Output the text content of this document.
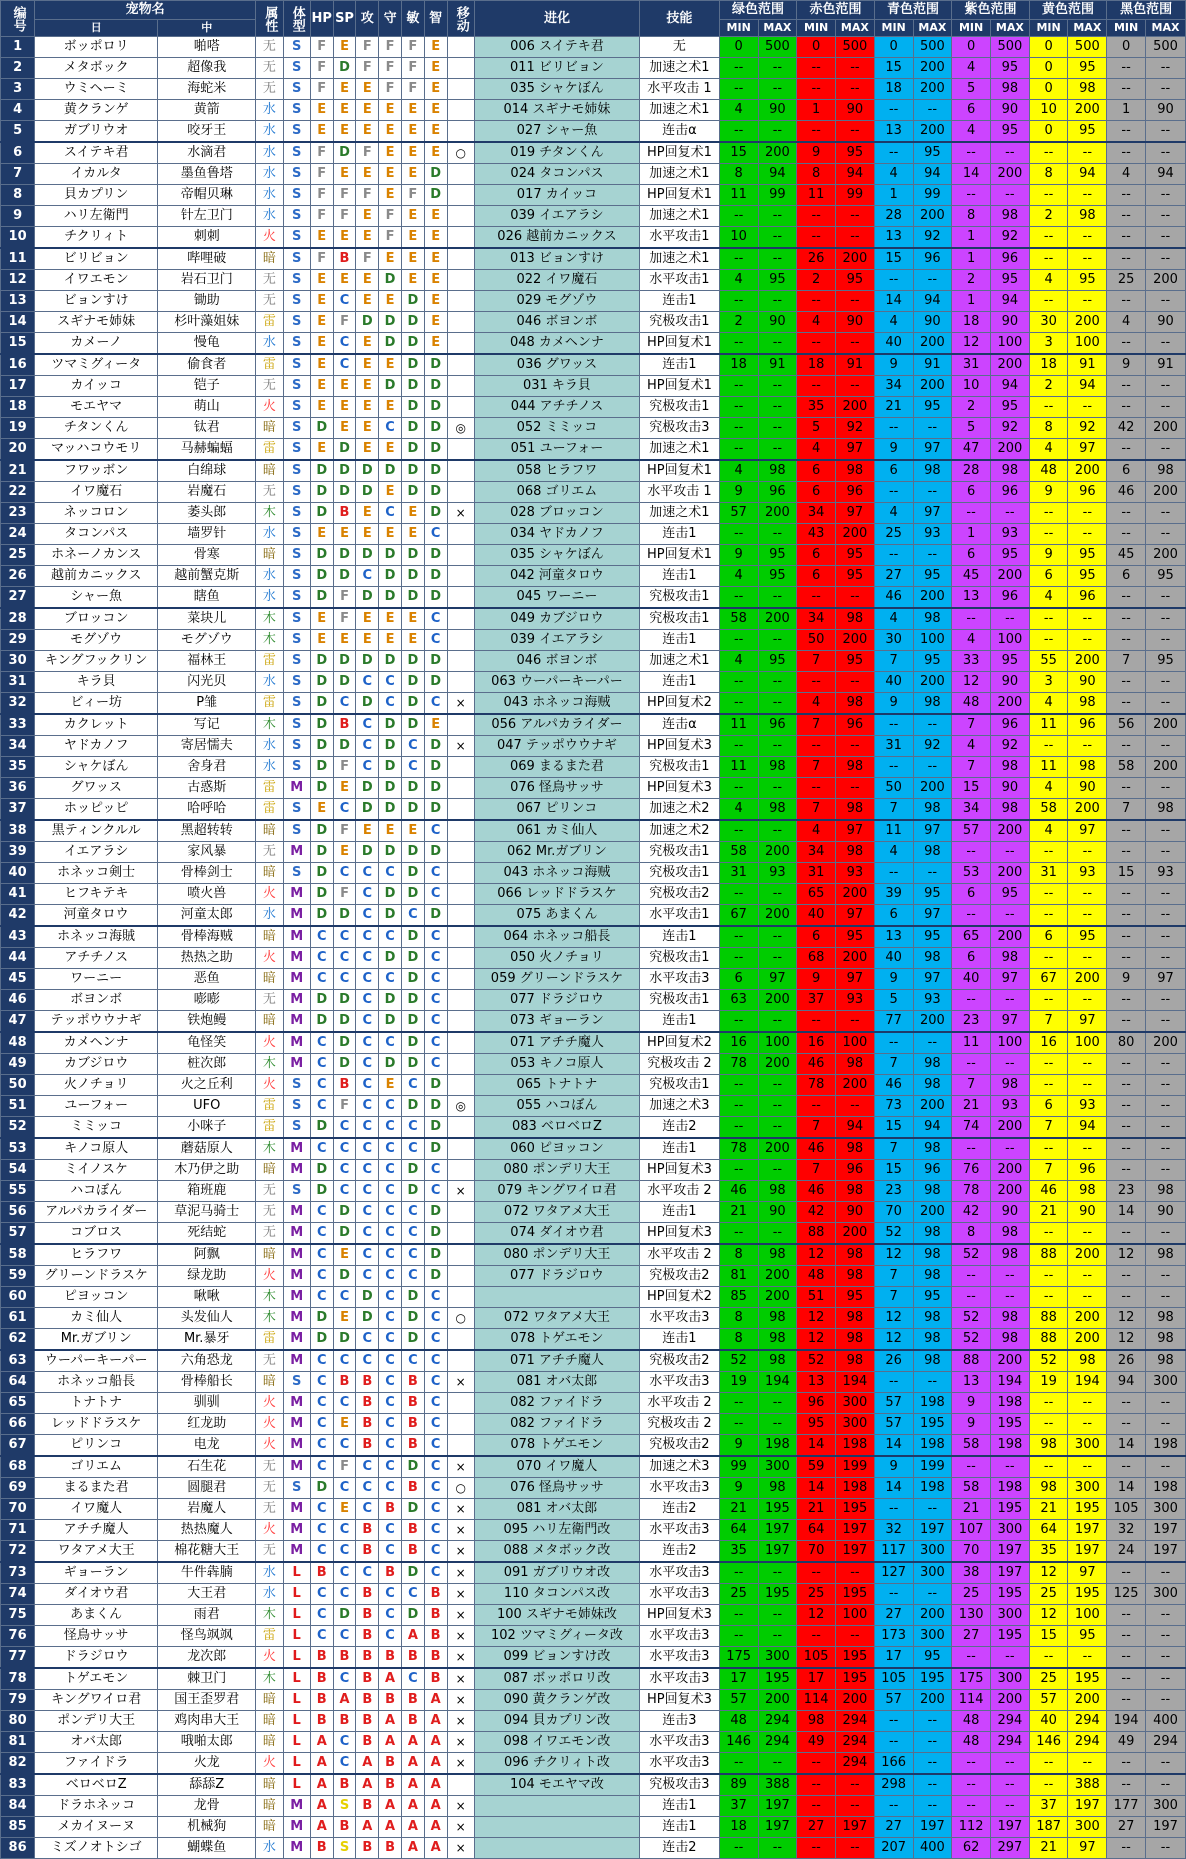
编号	宠物名		属性	体型	HP	SP	攻	守	敏	智	移动	进化	技能	绿色范围		赤色范围		青色范围		紫色范围		黄色范围		黑色范围	
	日	中												MIN	MAX	MIN	MAX	MIN	MAX	MIN	MAX	MIN	MAX	MIN	MAX
1	ボッポロリ	啪嗒	无	S	F	E	F	F	F	E		006 スイテキ君	无	0	500	0	500	0	500	0	500	0	500	0	500
2	メタボック	超像我	无	S	F	D	F	F	F	E		011 ビリビョン	加速之术1	--	--	--	--	15	200	4	95	0	95	--	--
3	ウミヘーミ	海蛇米	无	S	F	E	E	F	F	E		035 シャケぼん	水平攻击 1	--	--	--	--	18	200	5	98	0	98	--	--
4	黄クランゲ	黄箭	水	S	E	E	E	E	E	E		014 スギナモ姉妹	加速之术1	4	90	1	90	--	--	6	90	10	200	1	90
5	ガブリウオ	咬牙王	水	S	E	E	E	E	E	E		027 シャー魚	连击α	--	--	--	--	13	200	4	95	0	95	--	--
6	スイテキ君	水滴君	水	S	F	D	F	E	E	E	○	019 チタンくん	HP回复术1	15	200	9	95	--	95	--	--	--	--	--	--
7	イカルタ	墨鱼鲁塔	水	S	F	E	E	E	E	D		024 タコンパス	加速之术1	8	94	8	94	4	94	14	200	8	94	4	94
8	貝カプリン	帝帽贝琳	水	S	F	F	F	E	F	D		017 カイッコ	HP回复术1	11	99	11	99	1	99	--	--	--	--	--	--
9	ハリ左衛門	针左卫门	水	S	F	F	E	F	E	E		039 イエアラシ	加速之术1	--	--	--	--	28	200	8	98	2	98	--	--
10	チクリィト	刺刺	火	S	E	E	E	F	E	E		026 越前カニックス	水平攻击1	10	--	--	--	13	92	1	92	--	--	--	--
11	ビリビョン	哔哩破	暗	S	F	B	F	E	E	E		013 ビョンすけ	加速之术1	--	--	26	200	15	96	1	96	--	--	--	--
12	イワエモン	岩石卫门	无	S	E	E	E	D	E	E		022 イワ魔石	水平攻击1	4	95	2	95	--	--	2	95	4	95	25	200
13	ビョンすけ	锄助	无	S	E	C	E	E	D	E		029 モグゾウ	连击1	--	--	--	--	14	94	1	94	--	--	--	--
14	スギナモ姉妹	杉叶藻姐妹	雷	S	E	F	D	D	D	E		046 ボヨンボ	究极攻击1	2	90	4	90	4	90	18	90	30	200	4	90
15	カメーノ	慢龟	水	S	E	C	E	D	D	E		048 カメヘンナ	HP回复术1	--	--	--	--	40	200	12	100	3	100	--	--
16	ツマミグィータ	偷食者	雷	S	E	C	E	E	D	D		036 グワッス	连击1	18	91	18	91	9	91	31	200	18	91	9	91
17	カイッコ	铠子	无	S	E	E	E	D	D	D		031 キラ貝	HP回复术1	--	--	--	--	34	200	10	94	2	94	--	--
18	モエヤマ	萌山	火	S	E	E	E	E	D	D		044 アチチノス	究极攻击1	--	--	35	200	21	95	2	95	--	--	--	--
19	チタンくん	钛君	暗	S	D	E	E	C	D	D	◎	052 ミミッコ	究极攻击3	--	--	5	92	--	--	5	92	8	92	42	200
20	マッハコウモリ	马赫蝙蝠	雷	S	E	D	E	E	D	D		051 ユーフォー	加速之术1	--	--	4	97	9	97	47	200	4	97	--	--
21	フワッボン	白绵球	暗	S	D	D	D	D	D	D		058 ヒラフワ	HP回复术1	4	98	6	98	6	98	28	98	48	200	6	98
22	イワ魔石	岩魔石	无	S	D	D	D	E	D	D		068 ゴリエム	水平攻击 1	9	96	6	96	--	--	6	96	9	96	46	200
23	ネッコロン	萎头郎	木	S	D	B	E	C	E	D	×	028 ブロッコン	加速之术1	57	200	34	97	4	97	--	--	--	--	--	--
24	タコンパス	墙罗针	水	S	E	E	E	E	E	C		034 ヤドカノフ	连击1	--	--	43	200	25	93	1	93	--	--	--	--
25	ホネーノカンス	骨寒	暗	S	D	D	D	D	D	D		035 シャケぼん	HP回复术1	9	95	6	95	--	--	6	95	9	95	45	200
26	越前カニックス	越前蟹克斯	水	S	D	D	C	D	D	D		042 河童タロウ	连击1	4	95	6	95	27	95	45	200	6	95	6	95
27	シャー魚	瞎鱼	水	S	D	F	D	D	D	D		045 ワーニー	究极攻击1	--	--	--	--	46	200	13	96	4	96	--	--
28	ブロッコン	菜块儿	木	S	E	F	E	E	E	C		049 カブジロウ	究极攻击1	58	200	34	98	4	98	--	--	--	--	--	--
29	モグゾウ	モグゾウ	木	S	E	E	E	E	E	C		039 イエアラシ	连击1	--	--	50	200	30	100	4	100	--	--	--	--
30	キングフックリン	福林王	雷	S	D	D	D	D	D	D		046 ボヨンボ	加速之术1	4	95	7	95	7	95	33	95	55	200	7	95
31	キラ貝	闪光贝	水	S	D	D	C	C	D	D		063 ウーパーキーパー	连击1	--	--	--	--	40	200	12	90	3	90	--	--
32	ビィー坊	P雏	雷	S	D	C	D	C	D	C	×	043 ホネッコ海贼	HP回复术2	--	--	4	98	9	98	48	200	4	98	--	--
33	カクレット	写记	木	S	D	B	C	D	D	E		056 アルパカライダー	连击α	11	96	7	96	--	--	7	96	11	96	56	200
34	ヤドカノフ	寄居懦夫	水	S	D	D	C	D	C	D	×	047 テッポウウナギ	HP回复术3	--	--	--	--	31	92	4	92	--	--	--	--
35	シャケぼん	舍身君	水	S	D	F	C	D	C	D		069 まるまた君	究极攻击1	11	98	7	98	--	--	7	98	11	98	58	200
36	グワッス	古惑斯	雷	M	D	E	D	D	D	D		076 怪鳥サッサ	HP回复术3	--	--	--	--	50	200	15	90	4	90	--	--
37	ホッピッピ	哈呼哈	雷	S	E	C	D	D	D	D		067 ピリンコ	加速之术2	4	98	7	98	7	98	34	98	58	200	7	98
38	黒ティンクルル	黑超转转	暗	S	D	F	E	E	E	C		061 カミ仙人	加速之术2	--	--	4	97	11	97	57	200	4	97	--	--
39	イエアラシ	家风暴	无	M	D	E	D	D	D	D		062 Mr.ガブリン	究极攻击1	58	200	34	98	4	98	--	--	--	--	--	--
40	ホネッコ剣士	骨棒剑士	暗	S	D	C	C	C	D	C		043 ホネッコ海贼	究极攻击1	31	93	31	93	--	--	53	200	31	93	15	93
41	ヒフキテキ	喷火兽	火	M	D	F	C	D	D	C		066 レッドドラスケ	究极攻击2	--	--	65	200	39	95	6	95	--	--	--	--
42	河童タロウ	河童太郎	水	M	D	D	C	D	C	D		075 あまくん	水平攻击1	67	200	40	97	6	97	--	--	--	--	--	--
43	ホネッコ海賊	骨棒海贼	暗	M	C	C	C	C	D	C		064 ホネッコ船長	连击1	--	--	6	95	13	95	65	200	6	95	--	--
44	アチチノス	热热之助	火	M	C	C	C	D	D	C		050 火ノチョリ	究极攻击1	--	--	68	200	40	98	6	98	--	--	--	--
45	ワーニー	恶鱼	暗	M	C	C	C	C	D	C		059 グリーンドラスケ	水平攻击3	6	97	9	97	9	97	40	97	67	200	9	97
46	ボヨンボ	嘭嘭	无	M	D	D	C	D	D	C		077 ドラジロウ	究极攻击1	63	200	37	93	5	93	--	--	--	--	--	--
47	テッポウウナギ	铁炮鳗	暗	M	D	D	C	D	D	C		073 ギョーラン	连击1	--	--	--	--	77	200	23	97	7	97	--	--
48	カメヘンナ	龟怪笑	火	M	C	D	C	C	D	C		071 アチチ魔人	HP回复术2	16	100	16	100	--	--	11	100	16	100	80	200
49	カブジロウ	桩次郎	木	M	C	D	C	D	D	C		053 キノコ原人	究极攻击 2	78	200	46	98	7	98	--	--	--	--	--	--
50	火ノチョリ	火之丘利	火	S	C	B	C	E	C	D		065 トナトナ	究极攻击1	--	--	78	200	46	98	7	98	--	--	--	--
51	ユーフォー	UFO	雷	S	C	F	C	C	D	D	◎	055 ハコぼん	加速之术3	--	--	--	--	73	200	21	93	6	93	--	--
52	ミミッコ	小咪子	雷	S	D	C	C	C	C	D		083 ベロベロZ	连击2	--	--	7	94	15	94	74	200	7	94	--	--
53	キノコ原人	蘑菇原人	木	M	C	C	C	C	C	D		060 ピヨッコン	连击1	78	200	46	98	7	98	--	--	--	--	--	--
54	ミイノスケ	木乃伊之助	暗	M	D	C	C	C	D	C		080 ポンデリ大王	HP回复术3	--	--	7	96	15	96	76	200	7	96	--	--
55	ハコぼん	箱班鹿	无	S	D	C	C	C	D	C	×	079 キングワイロ君	水平攻击 2	46	98	46	98	23	98	78	200	46	98	23	98
56	アルパカライダー	草泥马骑士	无	M	C	D	C	C	C	D		072 ワタアメ大王	连击1	21	90	42	90	70	200	42	90	21	90	14	90
57	コブロス	死结蛇	无	M	C	D	C	C	C	D		074 ダイオウ君	HP回复术3	--	--	88	200	52	98	8	98	--	--	--	--
58	ヒラフワ	阿飘	暗	M	C	E	C	C	C	D		080 ポンデリ大王	水平攻击 2	8	98	12	98	12	98	52	98	88	200	12	98
59	グリーンドラスケ	绿龙助	火	M	C	D	C	C	C	D		077 ドラジロウ	究极攻击2	81	200	48	98	7	98	--	--	--	--	--	--
60	ピヨッコン	啾啾	木	M	C	C	D	C	D	C			HP回复术2	85	200	51	95	7	95	--	--	--	--	--	--
61	カミ仙人	头发仙人	木	M	D	E	D	C	D	C	○	072 ワタアメ大王	水平攻击3	8	98	12	98	12	98	52	98	88	200	12	98
62	Mr.ガブリン	Mr.暴牙	雷	M	D	D	C	C	D	C		078 トゲエモン	连击1	8	98	12	98	12	98	52	98	88	200	12	98
63	ウーパーキーパー	六角恐龙	无	M	C	C	C	C	C	C		071 アチチ魔人	究极攻击2	52	98	52	98	26	98	88	200	52	98	26	98
64	ホネッコ船長	骨棒船长	暗	S	C	B	B	C	B	C	×	081 オバ太郎	水平攻击3	19	194	13	194	--	--	13	194	19	194	94	300
65	トナトナ	驯驯	火	M	C	C	B	C	B	C		082 ファイドラ	水平攻击 2	--	--	96	300	57	198	9	198	--	--	--	--
66	レッドドラスケ	红龙助	火	M	C	E	B	C	B	C		082 ファイドラ	究极攻击 2	--	--	95	300	57	195	9	195	--	--	--	--
67	ピリンコ	电龙	火	M	C	C	B	C	B	C		078 トゲエモン	究极攻击2	9	198	14	198	14	198	58	198	98	300	14	198
68	ゴリエム	石生花	无	M	C	F	C	C	D	C	×	070 イワ魔人	加速之术3	99	300	59	199	9	199	--	--	--	--	--	--
69	まるまた君	圆腿君	无	S	D	C	C	C	B	C	○	076 怪鳥サッサ	水平攻击3	9	98	14	198	14	198	58	198	98	300	14	198
70	イワ魔人	岩魔人	无	M	C	E	C	B	D	C	×	081 オバ太郎	连击2	21	195	21	195	--	--	21	195	21	195	105	300
71	アチチ魔人	热热魔人	火	M	C	C	B	C	B	C	×	095 ハリ左衛門改	水平攻击3	64	197	64	197	32	197	107	300	64	197	32	197
72	ワタアメ大王	棉花糖大王	无	M	C	C	B	C	B	C	×	088 メタボック改	连击2	35	197	70	197	117	300	70	197	35	197	24	197
73	ギョーラン	牛件犇腩	水	L	B	C	C	B	D	C	×	091 ガブリウオ改	水平攻击3	--	--	--	--	127	300	38	197	12	97	--	--
74	ダイオウ君	大王君	水	L	C	C	B	C	C	B	×	110 タコンパス改	水平攻击3	25	195	25	195	--	--	25	195	25	195	125	300
75	あまくん	雨君	木	L	C	D	B	C	D	B	×	100 スギナモ姉妹改	HP回复术3	--	--	12	100	27	200	130	300	12	100	--	--
76	怪鳥サッサ	怪鸟飒飒	雷	L	C	C	B	C	A	B	×	102 ツマミグィータ改	水平攻击3	--	--	--	--	173	300	27	195	15	95	--	--
77	ドラジロウ	龙次郎	火	L	B	B	B	B	B	B	×	099 ビョンすけ改	水平攻击3	175	300	105	195	17	95	--	--	--	--	--	--
78	トゲエモン	棘卫门	木	L	B	C	B	A	C	B	×	087 ボッポロリ改	水平攻击3	17	195	17	195	105	195	175	300	25	195	--	--
79	キングワイロ君	国王歪罗君	暗	L	B	A	B	B	B	A	×	090 黄クランゲ改	HP回复术3	57	200	114	200	57	200	114	200	57	200	--	--
80	ポンデリ大王	鸡肉串大王	暗	L	B	B	B	A	B	A	×	094 貝カプリン改	连击3	48	294	98	294	--	--	48	294	40	294	194	400
81	オバ太郎	哦啪太郎	暗	L	A	C	B	A	A	A	×	098 イワエモン改	水平攻击3	146	294	49	294	--	--	48	294	146	294	49	294
82	ファイドラ	火龙	火	L	A	C	A	B	A	A	×	096 チクリィト改	水平攻击3	--	--	--	294	166	--	--	--	--	--	--	--
83	ベロベロZ	舔舔Z	暗	L	A	B	A	B	A	A		104 モエヤマ改	究极攻击3	89	388	--	--	298	--	--	--	--	388	--	--
84	ドラホネッコ	龙骨	暗	M	A	S	B	A	A	A	×		连击1	37	197	--	--	--	--	--	--	37	197	177	300
85	メカイヌーヌ	机械狗	暗	M	A	B	A	A	A	A	×		连击1	18	197	27	197	27	197	112	197	187	300	27	197
86	ミズノオトシゴ	蝴蝶鱼	水	M	B	S	B	B	A	A	×		连击2	--	--	--	--	207	400	62	297	21	97	--	--
